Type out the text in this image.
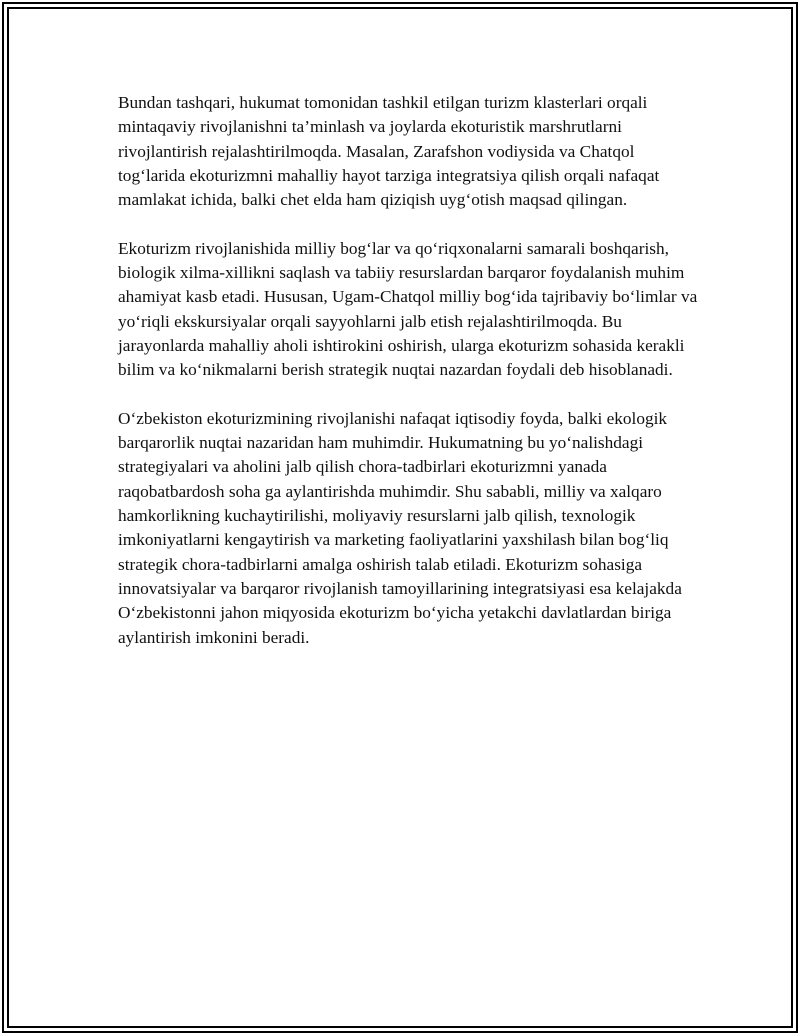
Bundan tashqari, hukumat tomonidan tashkil etilgan turizm klasterlari orqali mintaqaviy rivojlanishni ta’minlash va joylarda ekoturistik marshrutlarni rivojlantirish rejalashtirilmoqda. Masalan, Zarafshon vodiysida va Chatqol tog‘larida ekoturizmni mahalliy hayot tarziga integratsiya qilish orqali nafaqat mamlakat ichida, balki chet elda ham qiziqish uyg‘otish maqsad qilingan.

Ekoturizm rivojlanishida milliy bog‘lar va qo‘riqxonalarni samarali boshqarish, biologik xilma-xillikni saqlash va tabiiy resurslardan barqaror foydalanish muhim ahamiyat kasb etadi. Hususan, Ugam-Chatqol milliy bog‘ida tajribaviy bo‘limlar va yo‘riqli ekskursiyalar orqali sayyohlarni jalb etish rejalashtirilmoqda. Bu jarayonlarda mahalliy aholi ishtirokini oshirish, ularga ekoturizm sohasida kerakli bilim va ko‘nikmalarni berish strategik nuqtai nazardan foydali deb hisoblanadi.

O‘zbekiston ekoturizmining rivojlanishi nafaqat iqtisodiy foyda, balki ekologik barqarorlik nuqtai nazaridan ham muhimdir. Hukumatning bu yo‘nalishdagi strategiyalari va aholini jalb qilish chora-tadbirlari ekoturizmni yanada raqobatbardosh soha ga aylantirishda muhimdir. Shu sababli, milliy va xalqaro hamkorlikning kuchaytirilishi, moliyaviy resurslarni jalb qilish, texnologik imkoniyatlarni kengaytirish va marketing faoliyatlarini yaxshilash bilan bog‘liq strategik chora-tadbirlarni amalga oshirish talab etiladi. Ekoturizm sohasiga innovatsiyalar va barqaror rivojlanish tamoyillarining integratsiyasi esa kelajakda O‘zbekistonni jahon miqyosida ekoturizm bo‘yicha yetakchi davlatlardan biriga aylantirish imkonini beradi.
